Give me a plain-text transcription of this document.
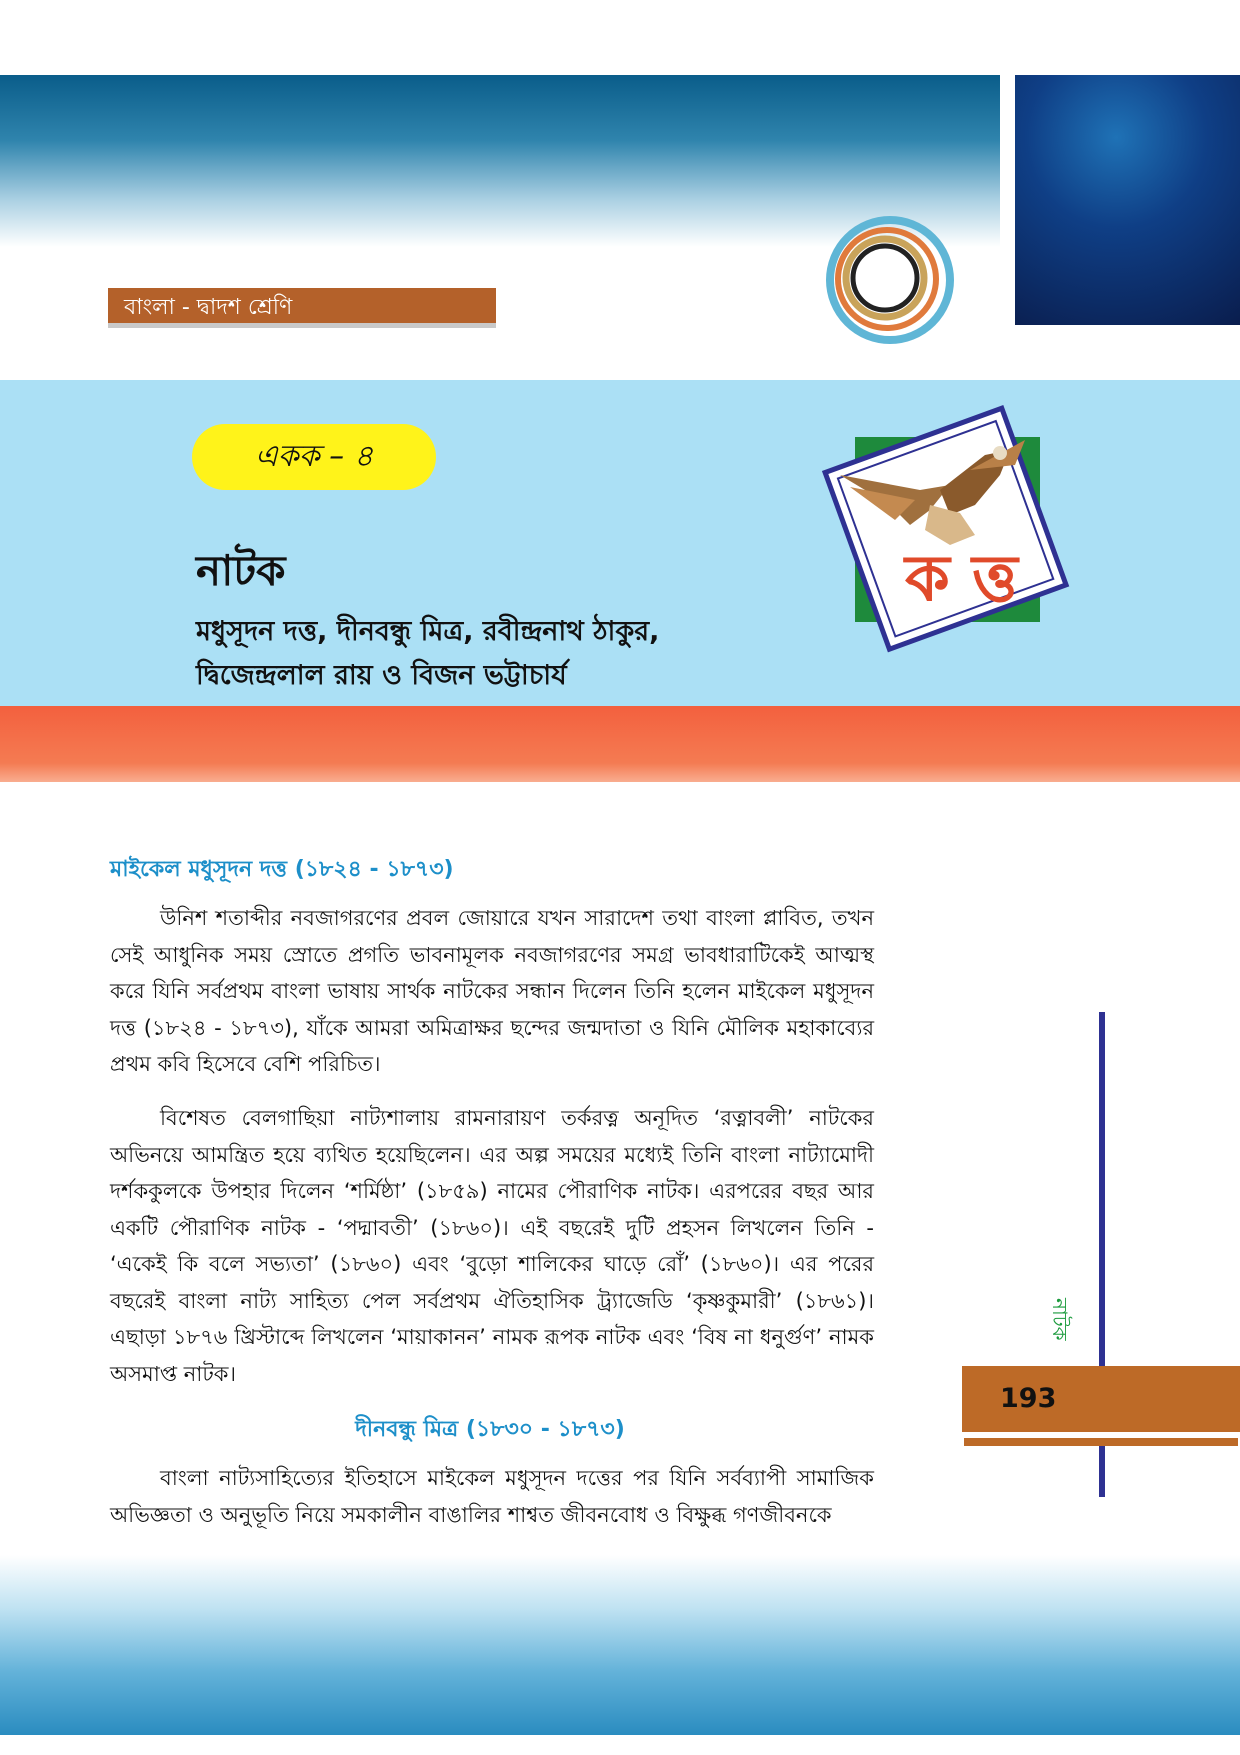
বাংলা - দ্বাদশ শ্রেণি
একক – ৪
নাটক
মধুসূদন দত্ত, দীনবন্ধু মিত্র, রবীন্দ্রনাথ ঠাকুর,
দ্বিজেন্দ্রলাল রায় ও বিজন ভট্টাচার্য
ক ত্ত
মাইকেল মধুসূদন দত্ত (১৮২৪ - ১৮৭৩)

উনিশ শতাব্দীর নবজাগরণের প্রবল জোয়ারে যখন সারাদেশ তথা বাংলা প্লাবিত, তখন সেই আধুনিক সময় স্রোতে প্রগতি ভাবনামূলক নবজাগরণের সমগ্র ভাবধারাটিকেই আত্মস্থ করে যিনি সর্বপ্রথম বাংলা ভাষায় সার্থক নাটকের সন্ধান দিলেন তিনি হলেন মাইকেল মধুসূদন দত্ত (১৮২৪ - ১৮৭৩), যাঁকে আমরা অমিত্রাক্ষর ছন্দের জন্মদাতা ও যিনি মৌলিক মহাকাব্যের প্রথম কবি হিসেবে বেশি পরিচিত।

বিশেষত বেলগাছিয়া নাট্যশালায় রামনারায়ণ তর্করত্ন অনূদিত ‘রত্নাবলী’ নাটকের অভিনয়ে আমন্ত্রিত হয়ে ব্যথিত হয়েছিলেন। এর অল্প সময়ের মধ্যেই তিনি বাংলা নাট্যামোদী দর্শককুলকে উপহার দিলেন ‘শর্মিষ্ঠা’ (১৮৫৯) নামের পৌরাণিক নাটক। এরপরের বছর আর একটি পৌরাণিক নাটক - ‘পদ্মাবতী’ (১৮৬০)। এই বছরেই দুটি প্রহসন লিখলেন তিনি - ‘একেই কি বলে সভ্যতা’ (১৮৬০) এবং ‘বুড়ো শালিকের ঘাড়ে রোঁ’ (১৮৬০)। এর পরের বছরেই বাংলা নাট্য সাহিত্য পেল সর্বপ্রথম ঐতিহাসিক ট্র্যাজেডি ‘কৃষ্ণকুমারী’ (১৮৬১)। এছাড়া ১৮৭৬ খ্রিস্টাব্দে লিখলেন ‘মায়াকানন’ নামক রূপক নাটক এবং ‘বিষ না ধনুর্গুণ’ নামক অসমাপ্ত নাটক।

দীনবন্ধু মিত্র (১৮৩০ - ১৮৭৩)

বাংলা নাট্যসাহিত্যের ইতিহাসে মাইকেল মধুসূদন দত্তের পর যিনি সর্বব্যাপী সামাজিক অভিজ্ঞতা ও অনুভূতি নিয়ে সমকালীন বাঙালির শাশ্বত জীবনবোধ ও বিক্ষুব্ধ গণজীবনকে

নাটক
193
